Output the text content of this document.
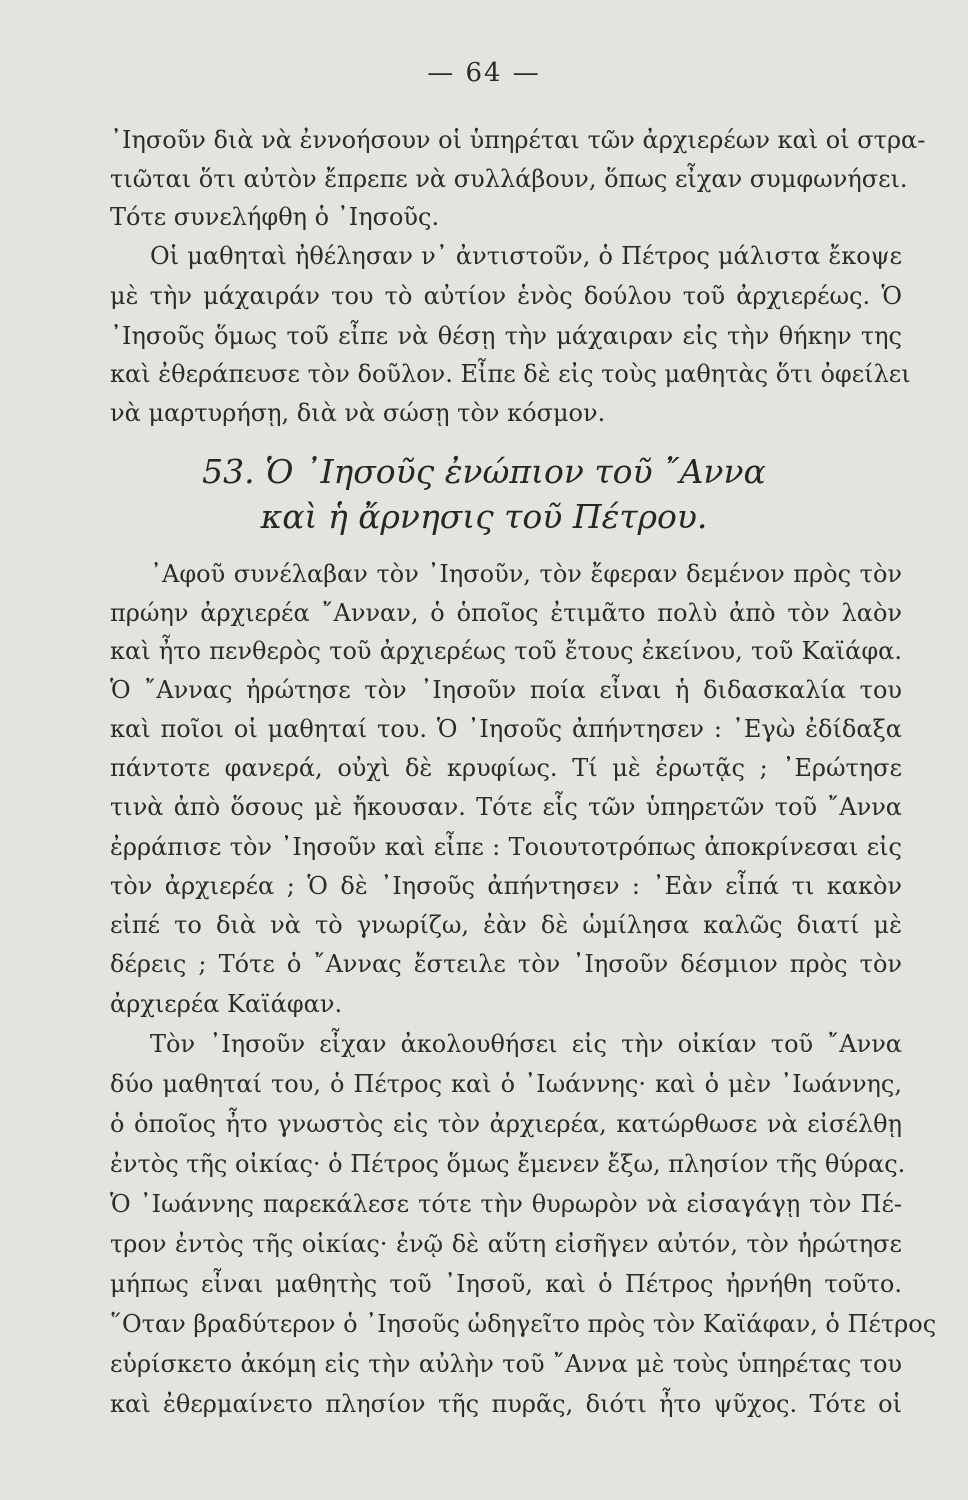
— 64 —
᾿Ιησοῦν διὰ νὰ ἐννοήσουν οἱ ὑπηρέται τῶν ἀρχιερέων καὶ οἱ στρα-
τιῶται ὅτι αὐτὸν ἔπρεπε νὰ συλλάβουν, ὅπως εἶχαν συμφωνήσει.
Τότε συνελήφθη ὁ ᾿Ιησοῦς.
Οἱ μαθηταὶ ἠθέλησαν ν᾿ ἀντιστοῦν, ὁ Πέτρος μάλιστα ἔκοψε
μὲ τὴν μάχαιράν του τὸ αὐτίον ἑνὸς δούλου τοῦ ἀρχιερέως. Ὁ
᾿Ιησοῦς ὅμως τοῦ εἶπε νὰ θέσῃ τὴν μάχαιραν εἰς τὴν θήκην της
καὶ ἐθεράπευσε τὸν δοῦλον. Εἶπε δὲ εἰς τοὺς μαθητὰς ὅτι ὀφείλει
νὰ μαρτυρήσῃ, διὰ νὰ σώσῃ τὸν κόσμον.
53. Ὁ ᾿Ιησοῦς ἐνώπιον τοῦ ῎Αννα
καὶ ἡ ἄρνησις τοῦ Πέτρου.
᾿Αφοῦ συνέλαβαν τὸν ᾿Ιησοῦν, τὸν ἔφεραν δεμένον πρὸς τὸν
πρώην ἀρχιερέα ῎Ανναν, ὁ ὁποῖος ἐτιμᾶτο πολὺ ἀπὸ τὸν λαὸν
καὶ ἦτο πενθερὸς τοῦ ἀρχιερέως τοῦ ἔτους ἐκείνου, τοῦ Καϊάφα.
Ὁ ῎Αννας ἠρώτησε τὸν ᾿Ιησοῦν ποία εἶναι ἡ διδασκαλία του
καὶ ποῖοι οἱ μαθηταί του. Ὁ ᾿Ιησοῦς ἀπήντησεν : ᾿Εγὼ ἐδίδαξα
πάντοτε φανερά, οὐχὶ δὲ κρυφίως. Τί μὲ ἐρωτᾷς ; ᾿Ερώτησε
τινὰ ἀπὸ ὅσους μὲ ἤκουσαν. Τότε εἷς τῶν ὑπηρετῶν τοῦ ῎Αννα
ἐρράπισε τὸν ᾿Ιησοῦν καὶ εἶπε : Τοιουτοτρόπως ἀποκρίνεσαι εἰς
τὸν ἀρχιερέα ; Ὁ δὲ ᾿Ιησοῦς ἀπήντησεν : ᾿Εὰν εἶπά τι κακὸν
εἰπέ το διὰ νὰ τὸ γνωρίζω, ἐὰν δὲ ὡμίλησα καλῶς διατί μὲ
δέρεις ; Τότε ὁ ῎Αννας ἔστειλε τὸν ᾿Ιησοῦν δέσμιον πρὸς τὸν
ἀρχιερέα Καϊάφαν.
Τὸν ᾿Ιησοῦν εἶχαν ἀκολουθήσει εἰς τὴν οἰκίαν τοῦ ῎Αννα
δύο μαθηταί του, ὁ Πέτρος καὶ ὁ ᾿Ιωάννης· καὶ ὁ μὲν ᾿Ιωάννης,
ὁ ὁποῖος ἦτο γνωστὸς εἰς τὸν ἀρχιερέα, κατώρθωσε νὰ εἰσέλθῃ
ἐντὸς τῆς οἰκίας· ὁ Πέτρος ὅμως ἔμενεν ἔξω, πλησίον τῆς θύρας.
Ὁ ᾿Ιωάννης παρεκάλεσε τότε τὴν θυρωρὸν νὰ εἰσαγάγῃ τὸν Πέ-
τρον ἐντὸς τῆς οἰκίας· ἐνῷ δὲ αὕτη εἰσῆγεν αὐτόν, τὸν ἠρώτησε
μήπως εἶναι μαθητὴς τοῦ ᾿Ιησοῦ, καὶ ὁ Πέτρος ἠρνήθη τοῦτο.
῞Οταν βραδύτερον ὁ ᾿Ιησοῦς ὡδηγεῖτο πρὸς τὸν Καϊάφαν, ὁ Πέτρος
εὑρίσκετο ἀκόμη εἰς τὴν αὐλὴν τοῦ ῎Αννα μὲ τοὺς ὑπηρέτας του
καὶ ἐθερμαίνετο πλησίον τῆς πυρᾶς, διότι ἦτο ψῦχος. Τότε οἱ
